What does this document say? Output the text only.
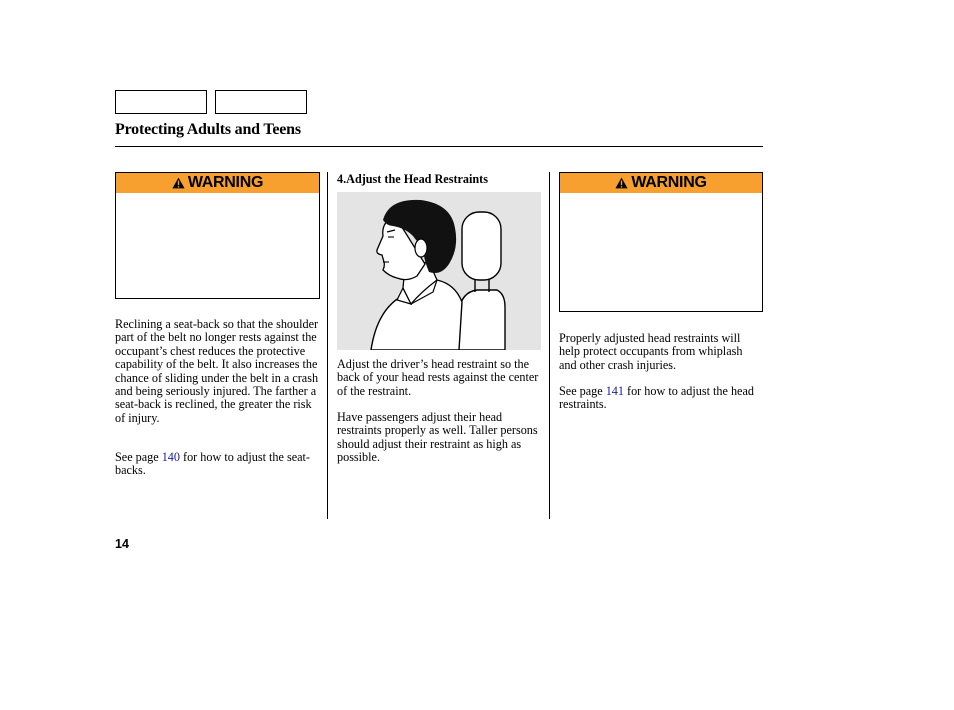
Protecting Adults and Teens
WARNING
Reclining a seat-back so that the shoulder part of the belt no longer rests against the occupant’s chest reduces the protective capability of the belt. It also increases the chance of sliding under the belt in a crash and being seriously injured. The farther a seat-back is reclined, the greater the risk of injury.
See page 140 for how to adjust the seat-backs.
4.Adjust the Head Restraints
Adjust the driver’s head restraint so the back of your head rests against the center of the restraint.
Have passengers adjust their head restraints properly as well. Taller persons should adjust their restraint as high as possible.
WARNING
Properly adjusted head restraints will help protect occupants from whiplash and other crash injuries.
See page 141 for how to adjust the head restraints.
14
